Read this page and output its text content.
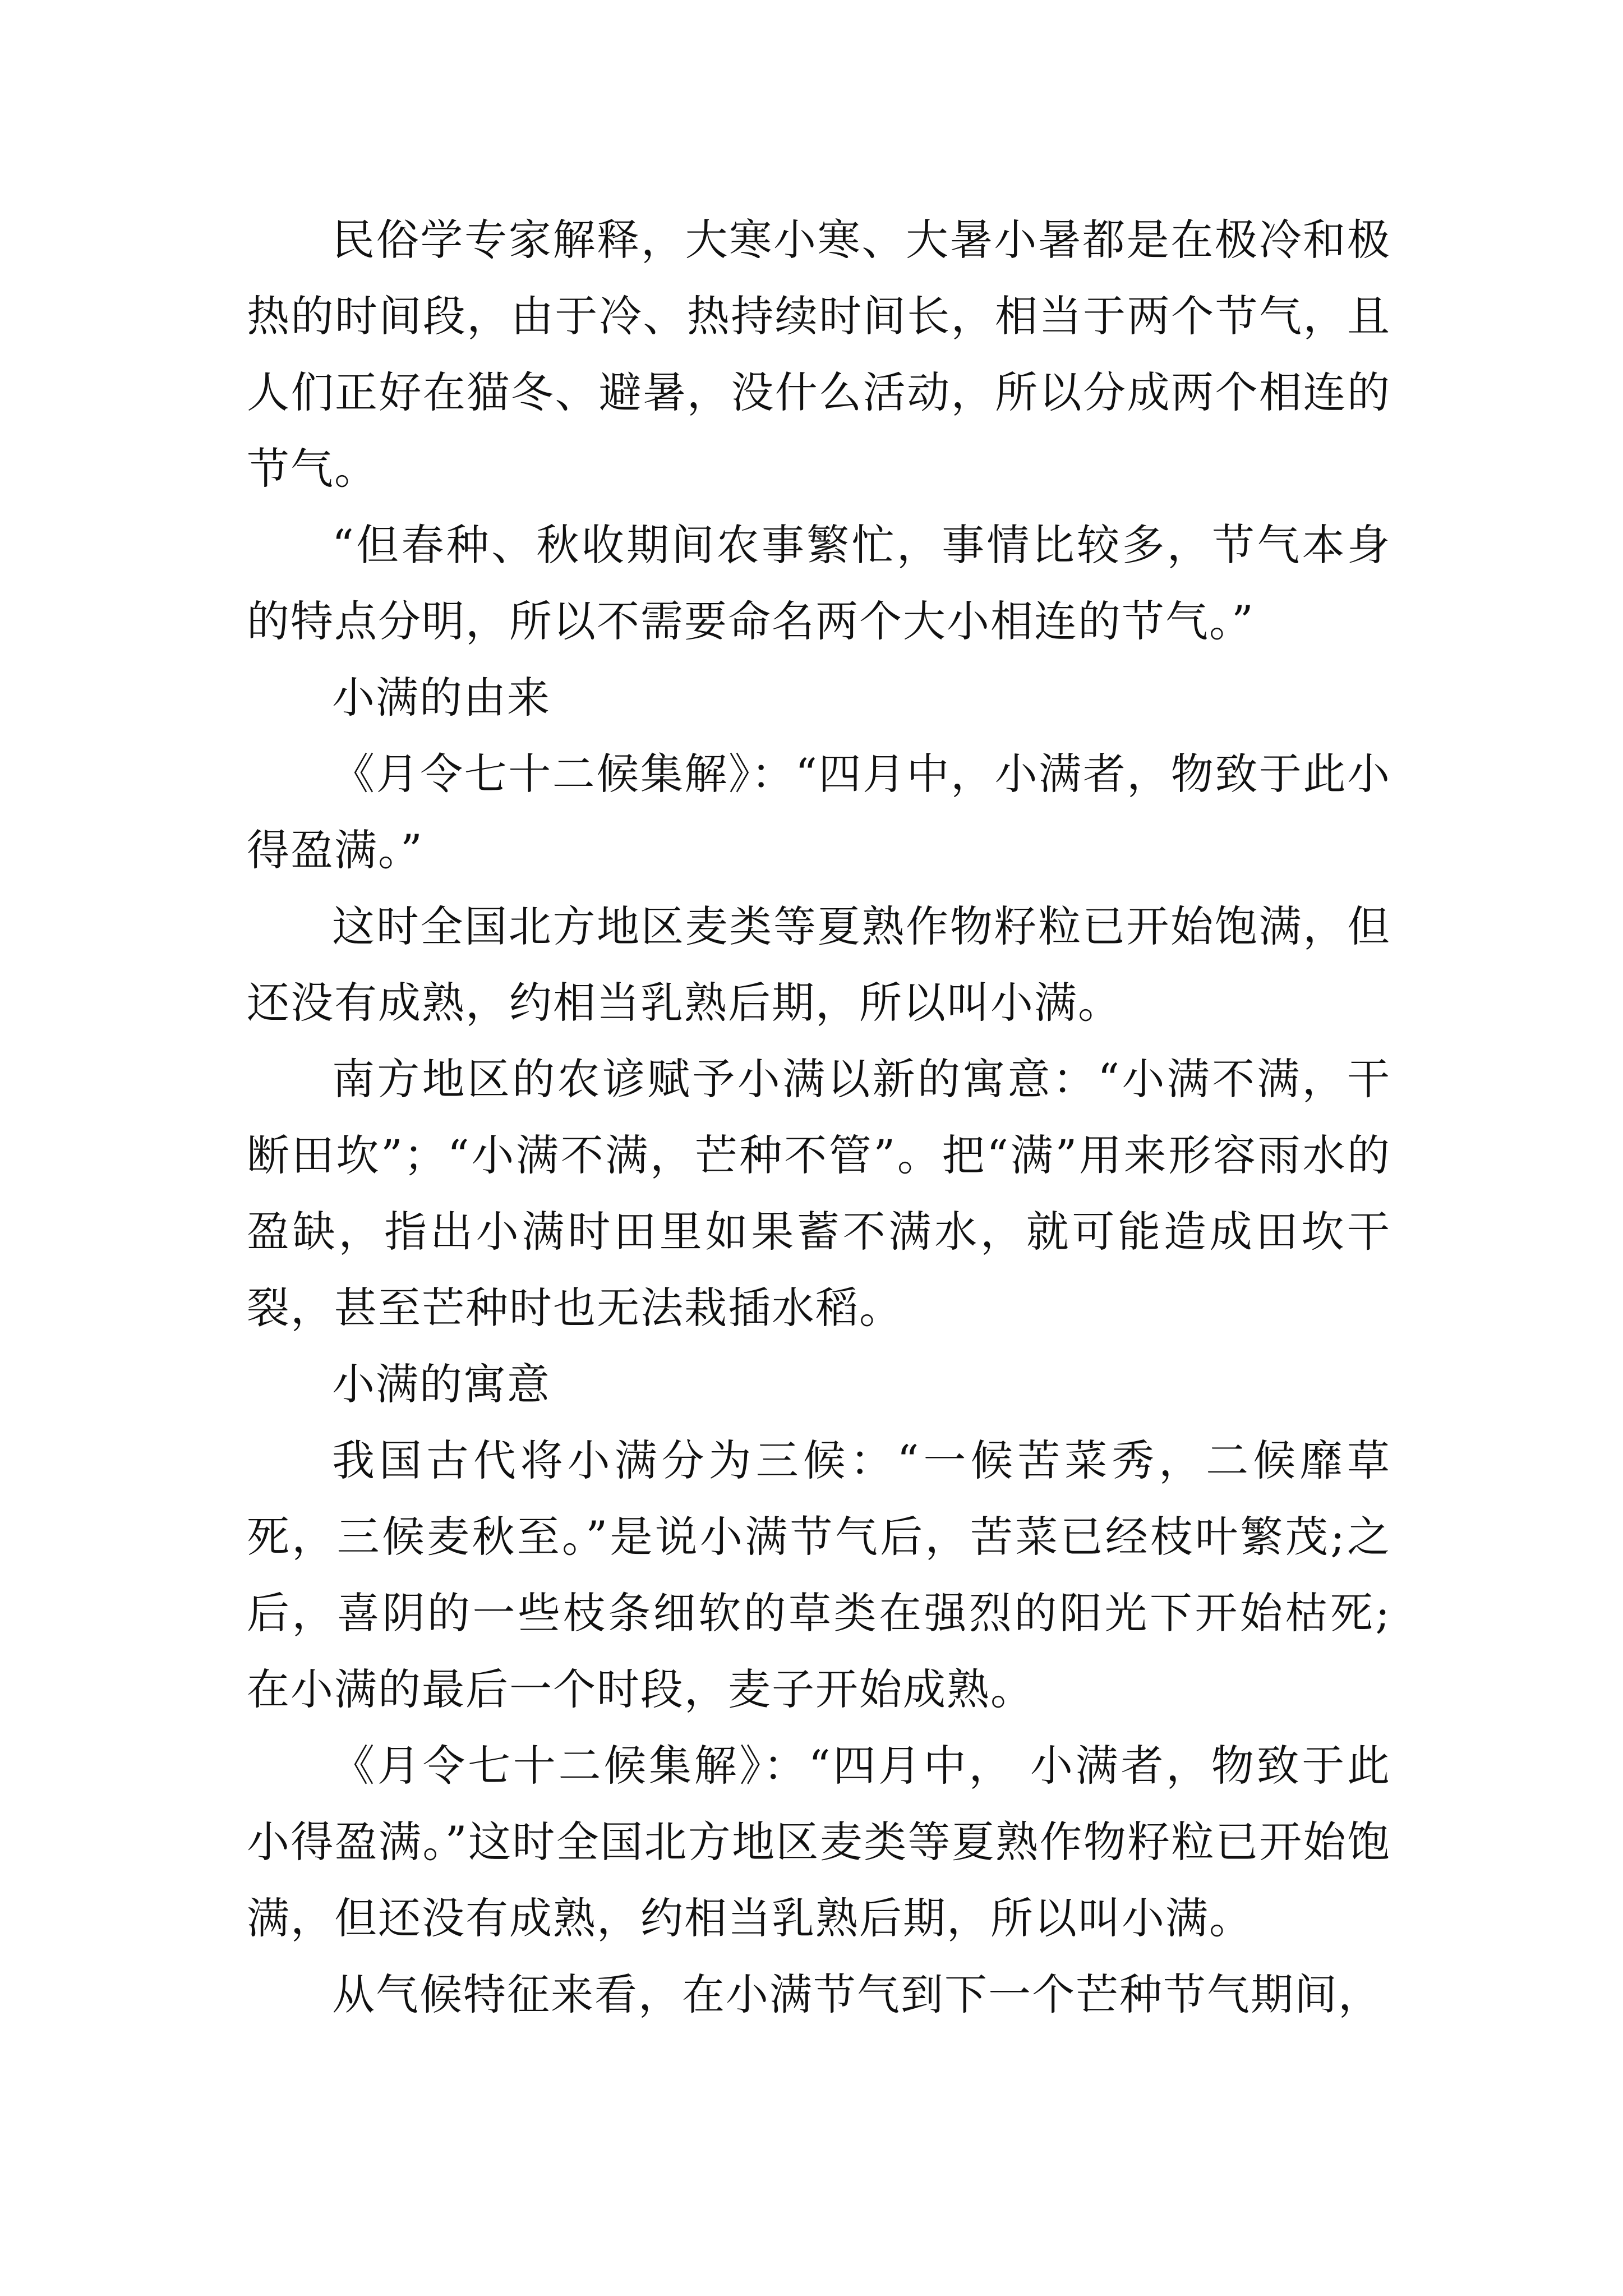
民俗学专家解释，大寒小寒、大暑小暑都是在极冷和极热的时间段，由于冷、热持续时间长，相当于两个节气，且人们正好在猫冬、避暑，没什么活动，所以分成两个相连的节气。

“但春种、秋收期间农事繁忙，事情比较多，节气本身的特点分明，所以不需要命名两个大小相连的节气。”

小满的由来

《月令七十二候集解》：“四月中，小满者，物致于此小得盈满。”

这时全国北方地区麦类等夏熟作物籽粒已开始饱满，但还没有成熟，约相当乳熟后期，所以叫小满。

南方地区的农谚赋予小满以新的寓意：“小满不满，干断田坎”；“小满不满，芒种不管”。把“满”用来形容雨水的盈缺，指出小满时田里如果蓄不满水，就可能造成田坎干裂，甚至芒种时也无法栽插水稻。

小满的寓意

我国古代将小满分为三候：“一候苦菜秀，二候靡草死，三候麦秋至。”是说小满节气后，苦菜已经枝叶繁茂;之后，喜阴的一些枝条细软的草类在强烈的阳光下开始枯死;在小满的最后一个时段，麦子开始成熟。

《月令七十二候集解》：“四月中， 小满者，物致于此小得盈满。”这时全国北方地区麦类等夏熟作物籽粒已开始饱满，但还没有成熟，约相当乳熟后期，所以叫小满。

从气候特征来看，在小满节气到下一个芒种节气期间，
